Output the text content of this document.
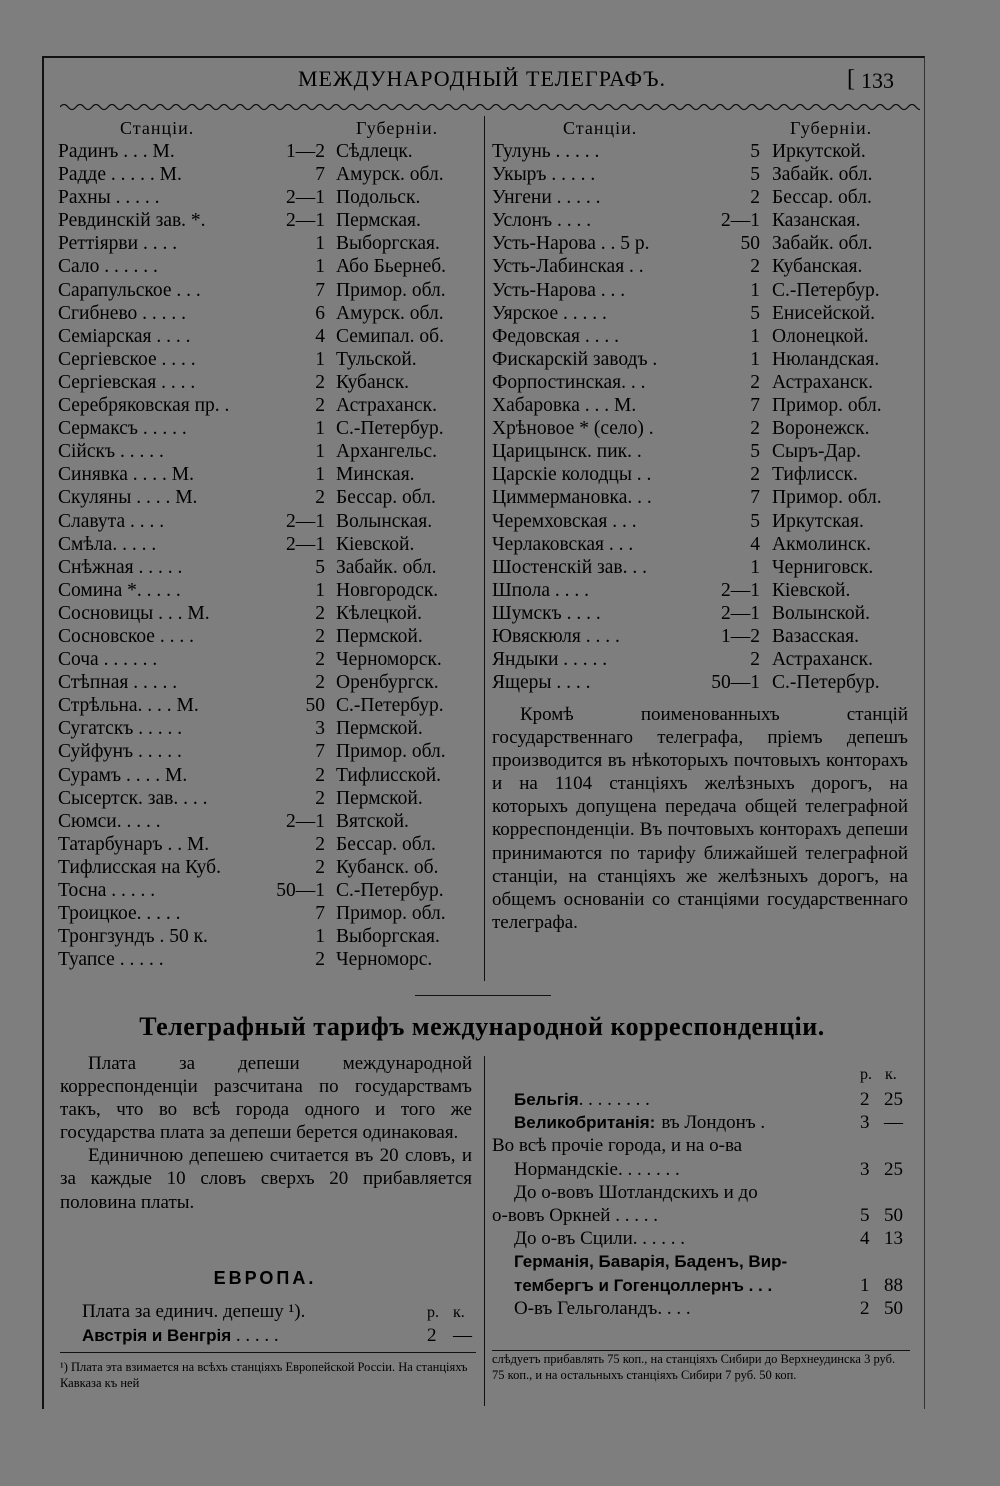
МЕЖДУНАРОДНЫЙ ТЕЛЕГРАФЪ.	[ 133
Станціи.	Губерніи.	Станціи.	Губерніи.
Радинъ . . . М.	1—2 Сѣдлецк.
Радде . . . . . М.	7 Амурск. обл.
Рахны . . . . .	2—1 Подольск.
Ревдинскій зав. *.	2—1 Пермская.
Реттіярви . . . .	1 Выборгская.
Сало . . . . . .	1 Або Бьернеб.
Сарапульское . . .	7 Примор. обл.
Сгибнево . . . . .	6 Амурск. обл.
Семіарская . . . .	4 Семипал. об.
Сергіевское . . . .	1 Тульской.
Сергіевская . . . .	2 Кубанск.
Серебряковская пр. .	2 Астраханск.
Сермаксъ . . . . .	1 С.-Петербур.
Сійскъ . . . . .	1 Архангельс.
Синявка . . . . М.	1 Минская.
Скуляны . . . . М.	2 Бессар. обл.
Славута . . . .	2—1 Волынская.
Смѣла. . . . .	2—1 Кіевской.
Снѣжная . . . . .	5 Забайк. обл.
Сомина *. . . . .	1 Новгородск.
Сосновицы . . . М.	2 Кѣлецкой.
Сосновское . . . .	2 Пермской.
Соча . . . . . .	2 Черноморск.
Стѣпная . . . . .	2 Оренбургск.
Стрѣльна. . . . М.	50 С.-Петербур.
Сугатскъ . . . . .	3 Пермской.
Суйфунъ . . . . .	7 Примор. обл.
Сурамъ . . . . М.	2 Тифлисской.
Сысертск. зав. . . .	2 Пермской.
Сюмси. . . . .	2—1 Вятской.
Татарбунаръ . . М.	2 Бессар. обл.
Тифлисская на Куб.	2 Кубанск. об.
Тосна . . . . .	50—1 С.-Петербур.
Троицкое. . . . .	7 Примор. обл.
Тронгзундъ . 50 к.	1 Выборгская.
Туапсе . . . . .	2 Черноморс.
Тулунь . . . . .	5 Иркутской.
Укыръ . . . . .	5 Забайк. обл.
Унгени . . . . .	2 Бессар. обл.
Услонъ . . . .	2—1 Казанская.
Усть-Нарова . . 5 р.	50 Забайк. обл.
Усть-Лабинская . .	2 Кубанская.
Усть-Нарова . . .	1 С.-Петербур.
Уярское . . . . .	5 Енисейской.
Федовская . . . .	1 Олонецкой.
Фискарскій заводъ .	1 Нюландская.
Форпостинская. . .	2 Астраханск.
Хабаровка . . . М.	7 Примор. обл.
Хрѣновое * (село) .	2 Воронежск.
Царицынск. пик. .	5 Сыръ-Дар.
Царскіе колодцы . .	2 Тифлисск.
Циммермановка. . .	7 Примор. обл.
Черемховская . . .	5 Иркутская.
Черлаковская . . .	4 Акмолинск.
Шостенскій зав. . .	1 Черниговск.
Шпола . . . .	2—1 Кіевской.
Шумскъ . . . .	2—1 Волынской.
Ювяскюля . . . .	1—2 Вазасская.
Яндыки . . . . .	2 Астраханск.
Ящеры . . . .	50—1 С.-Петербур.

Кромѣ поименованныхъ станцій государственнаго телеграфа, пріемъ депешъ производится въ нѣкоторыхъ почтовыхъ конторахъ и на 1104 станціяхъ желѣзныхъ дорогъ, на которыхъ допущена передача общей телеграфной корреспонденціи. Въ почтовыхъ конторахъ депеши принимаются по тарифу ближайшей телеграфной станціи, на станціяхъ же желѣзныхъ дорогъ, на общемъ основаніи со станціями государственнаго телеграфа.

Телеграфный тарифъ международной корреспонденціи.

Плата за депеши международной корреспонденціи разсчитана по государствамъ такъ, что во всѣ города одного и того же государства плата за депеши берется одинаковая.

Единичною депешею считается въ 20 словъ, и за каждые 10 словъ сверхъ 20 прибавляется половина платы.

ЕВРОПА.
Плата за единич. депешу ¹).	р. к.
Австрія и Венгрія . . . . .	2 —
¹) Плата эта взимается на всѣхъ станціяхъ Европейской Россіи. На станціяхъ Кавказа къ ней
р. к.
Бельгія. . . . . . . .	2 25
Великобританія: въ Лондонъ .	3 —
Во всѣ прочіе города, и на о-ва
Нормандскіе. . . . . . .	3 25
До о-вовъ Шотландскихъ и до
о-вовъ Оркней . . . . .	5 50
До о-въ Сцили. . . . . .	4 13
Германія, Баварія, Баденъ, Вир-
тембергъ и Гогенцоллернъ . . .	1 88
О-въ Гельголандъ. . . .	2 50
слѣдуетъ прибавлять 75 коп., на станціяхъ Сибири до Верхнеудинска 3 руб. 75 коп., и на остальныхъ станціяхъ Сибири 7 руб. 50 коп.
